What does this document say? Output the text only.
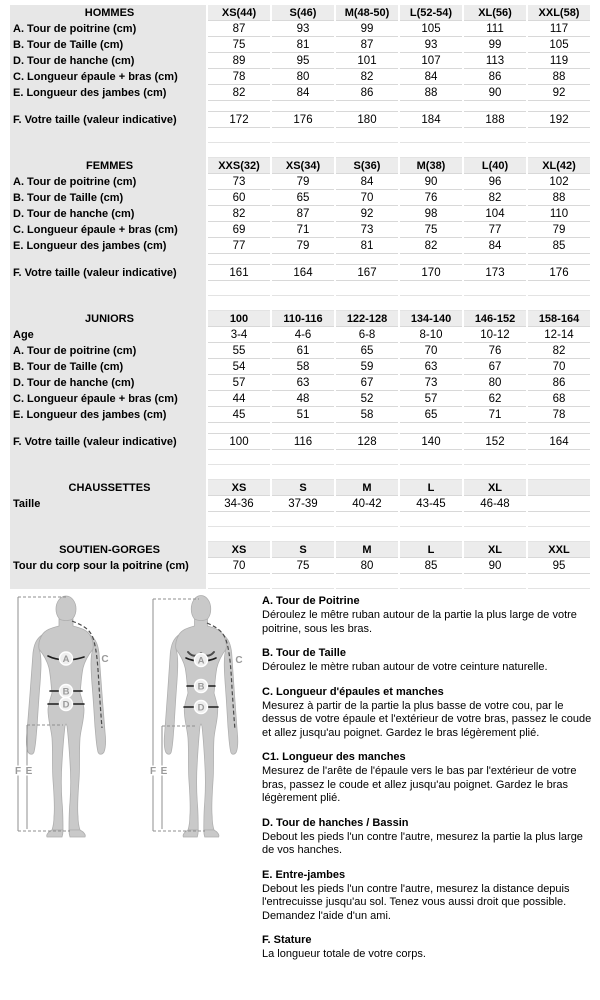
HOMMES	XS(44)	S(46)	M(48-50)	L(52-54)	XL(56)	XXL(58)
A. Tour de poitrine (cm)	87	93	99	105	111	117
B. Tour de Taille (cm)	75	81	87	93	99	105
D. Tour de hanche (cm)	89	95	101	107	113	119
C. Longueur épaule + bras (cm)	78	80	82	84	86	88
E. Longueur des jambes (cm)	82	84	86	88	90	92

F. Votre taille (valeur indicative)	172	176	180	184	188	192

FEMMES	XXS(32)	XS(34)	S(36)	M(38)	L(40)	XL(42)
A. Tour de poitrine (cm)	73	79	84	90	96	102
B. Tour de Taille (cm)	60	65	70	76	82	88
D. Tour de hanche (cm)	82	87	92	98	104	110
C. Longueur épaule + bras (cm)	69	71	73	75	77	79
E. Longueur des jambes (cm)	77	79	81	82	84	85

F. Votre taille (valeur indicative)	161	164	167	170	173	176

JUNIORS	100	110-116	122-128	134-140	146-152	158-164
Age	3-4	4-6	6-8	8-10	10-12	12-14
A. Tour de poitrine (cm)	55	61	65	70	76	82
B. Tour de Taille (cm)	54	58	59	63	67	70
D. Tour de hanche (cm)	57	63	67	73	80	86
C. Longueur épaule + bras (cm)	44	48	52	57	62	68
E. Longueur des jambes (cm)	45	51	58	65	71	78

F. Votre taille (valeur indicative)	100	116	128	140	152	164

CHAUSSETTES	XS	S	M	L	XL	
Taille	34-36	37-39	40-42	43-45	46-48	

SOUTIEN-GORGES	XS	S	M	L	XL	XXL
Tour du corp sour la poitrine (cm)	70	75	80	85	90	95

A
B
D
C
F E
A
B
D
C
F E
A. Tour de Poitrine

Déroulez le mêtre ruban autour de la partie la plus large de votre poitrine, sous les bras.

B. Tour de Taille

Déroulez le mètre ruban autour de votre ceinture naturelle.

C. Longueur d'épaules et manches

Mesurez à partir de la partie la plus basse de votre cou, par le dessus de votre épaule et l'extérieur de votre bras, passez le coude et allez jusqu'au poignet. Gardez le bras légèrement plié.

C1. Longueur des manches

Mesurez de l'arête de l'épaule vers le bas par l'extérieur de votre bras, passez le coude et allez jusqu'au poignet. Gardez le bras légèrement plié.

D. Tour de hanches / Bassin

Debout les pieds l'un contre l'autre, mesurez la partie la plus large de vos hanches.

E. Entre-jambes

Debout les pieds l'un contre l'autre, mesurez la distance depuis l'entrecuisse jusqu'au sol. Tenez vous aussi droit que possible. Demandez l'aide d'un ami.

F. Stature

La longueur totale de votre corps.
